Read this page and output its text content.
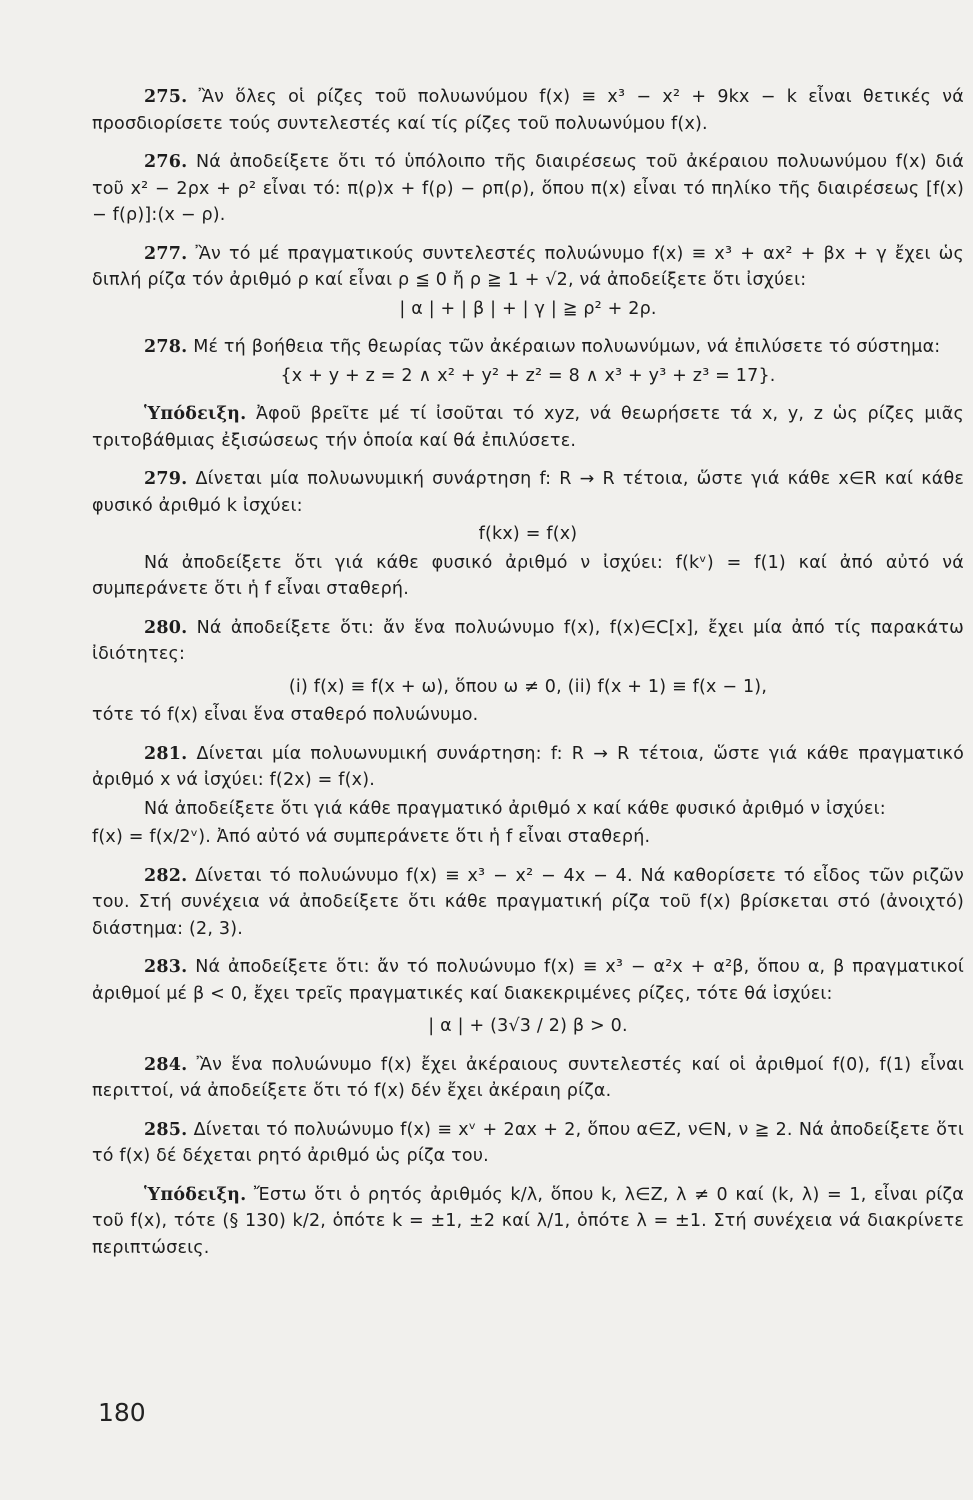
275. Ἂν ὅλες οἱ ρίζες τοῦ πολυωνύμου f(x) ≡ x³ − x² + 9kx − k εἶναι θετικές νά προσδιορίσετε τούς συντελεστές καί τίς ρίζες τοῦ πολυωνύμου f(x).

276. Νά ἀποδείξετε ὅτι τό ὑπόλοιπο τῆς διαιρέσεως τοῦ ἀκέραιου πολυωνύμου f(x) διά τοῦ x² − 2ρx + ρ² εἶναι τό: π(ρ)x + f(ρ) − ρπ(ρ), ὅπου π(x) εἶναι τό πηλίκο τῆς διαιρέσεως [f(x) − f(ρ)]:(x − ρ).

277. Ἂν τό μέ πραγματικούς συντελεστές πολυώνυμο f(x) ≡ x³ + αx² + βx + γ ἔχει ὡς διπλή ρίζα τόν ἀριθμό ρ καί εἶναι ρ ≦ 0 ἤ ρ ≧ 1 + √2, νά ἀποδείξετε ὅτι ἰσχύει:

| α | + | β | + | γ | ≧ ρ² + 2ρ.

278. Μέ τή βοήθεια τῆς θεωρίας τῶν ἀκέραιων πολυωνύμων, νά ἐπιλύσετε τό σύστημα:

{x + y + z = 2 ∧ x² + y² + z² = 8 ∧ x³ + y³ + z³ = 17}.

Ὑπόδειξη. Ἀφοῦ βρεῖτε μέ τί ἰσοῦται τό xyz, νά θεωρήσετε τά x, y, z ὡς ρίζες μιᾶς τριτοβάθμιας ἐξισώσεως τήν ὁποία καί θά ἐπιλύσετε.

279. Δίνεται μία πολυωνυμική συνάρτηση f: R → R τέτοια, ὥστε γιά κάθε x∈R καί κάθε φυσικό ἀριθμό k ἰσχύει:

f(kx) = f(x)

Νά ἀποδείξετε ὅτι γιά κάθε φυσικό ἀριθμό ν ἰσχύει: f(kᵛ) = f(1) καί ἀπό αὐτό νά συμπεράνετε ὅτι ἡ f εἶναι σταθερή.

280. Νά ἀποδείξετε ὅτι: ἄν ἕνα πολυώνυμο f(x), f(x)∈C[x], ἔχει μία ἀπό τίς παρακάτω ἰδιότητες:

(i) f(x) ≡ f(x + ω), ὅπου ω ≠ 0, (ii) f(x + 1) ≡ f(x − 1),

τότε τό f(x) εἶναι ἕνα σταθερό πολυώνυμο.

281. Δίνεται μία πολυωνυμική συνάρτηση: f: R → R τέτοια, ὥστε γιά κάθε πραγματικό ἀριθμό x νά ἰσχύει: f(2x) = f(x).

Νά ἀποδείξετε ὅτι γιά κάθε πραγματικό ἀριθμό x καί κάθε φυσικό ἀριθμό ν ἰσχύει:

f(x) = f(x/2ᵛ). Ἀπό αὐτό νά συμπεράνετε ὅτι ἡ f εἶναι σταθερή.

282. Δίνεται τό πολυώνυμο f(x) ≡ x³ − x² − 4x − 4. Νά καθορίσετε τό εἶδος τῶν ριζῶν του. Στή συνέχεια νά ἀποδείξετε ὅτι κάθε πραγματική ρίζα τοῦ f(x) βρίσκεται στό (ἀνοιχτό) διάστημα: (2, 3).

283. Νά ἀποδείξετε ὅτι: ἄν τό πολυώνυμο f(x) ≡ x³ − α²x + α²β, ὅπου α, β πραγματικοί ἀριθμοί μέ β < 0, ἔχει τρεῖς πραγματικές καί διακεκριμένες ρίζες, τότε θά ἰσχύει:

| α | + (3√3 / 2) β > 0.

284. Ἂν ἕνα πολυώνυμο f(x) ἔχει ἀκέραιους συντελεστές καί οἱ ἀριθμοί f(0), f(1) εἶναι περιττοί, νά ἀποδείξετε ὅτι τό f(x) δέν ἔχει ἀκέραιη ρίζα.

285. Δίνεται τό πολυώνυμο f(x) ≡ xᵛ + 2αx + 2, ὅπου α∈Z, ν∈N, ν ≧ 2. Νά ἀποδείξετε ὅτι τό f(x) δέ δέχεται ρητό ἀριθμό ὡς ρίζα του.

Ὑπόδειξη. Ἔστω ὅτι ὁ ρητός ἀριθμός k/λ, ὅπου k, λ∈Z, λ ≠ 0 καί (k, λ) = 1, εἶναι ρίζα τοῦ f(x), τότε (§ 130) k/2, ὁπότε k = ±1, ±2 καί λ/1, ὁπότε λ = ±1. Στή συνέχεια νά διακρίνετε περιπτώσεις.

180
